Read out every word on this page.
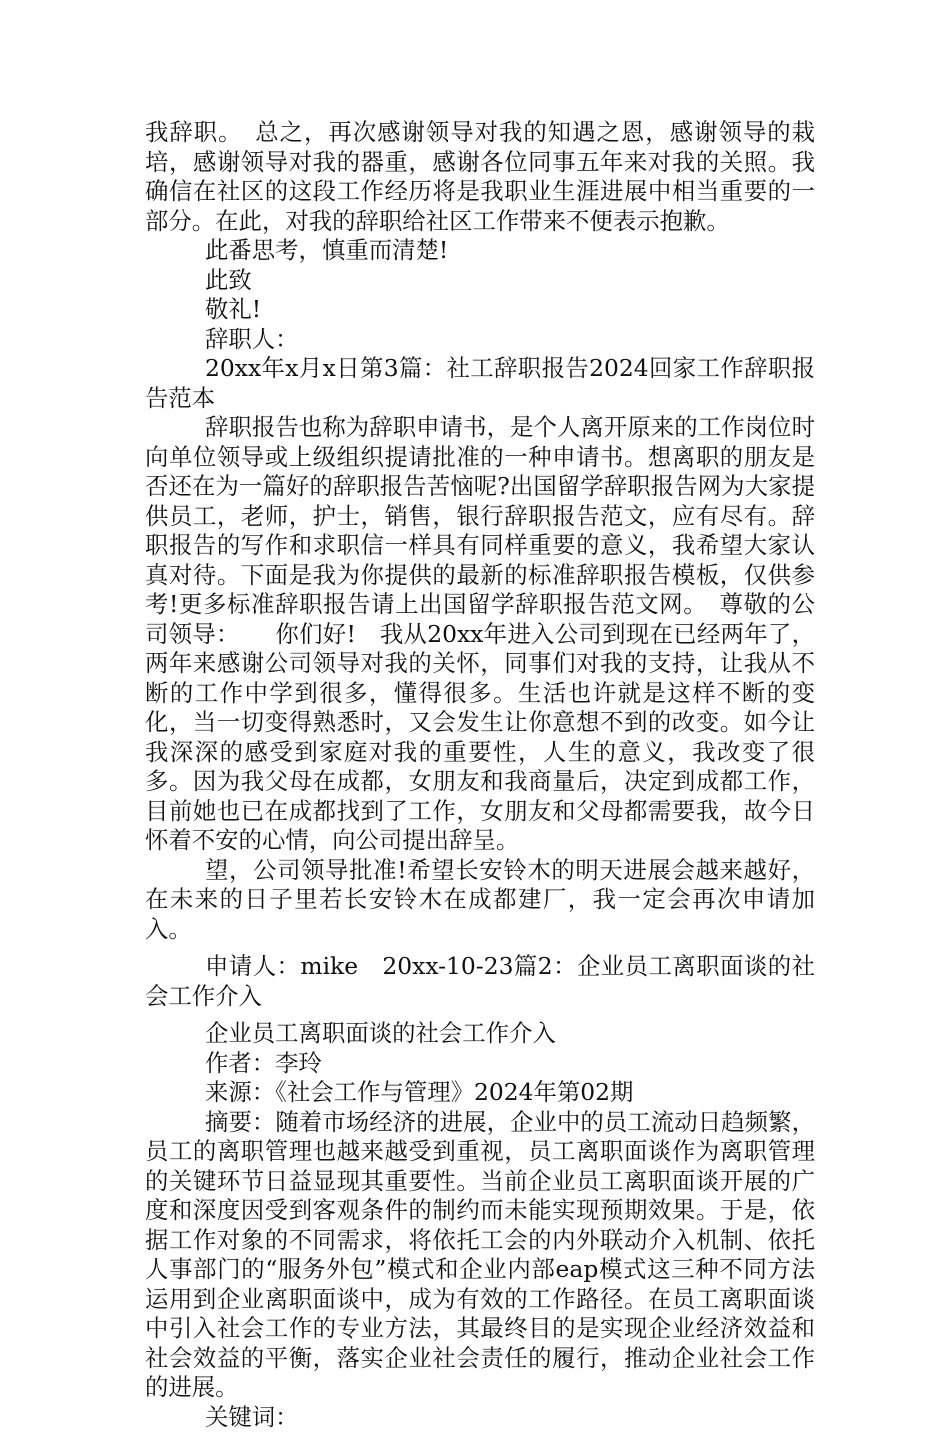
我辞职。　总之，再次感谢领导对我的知遇之恩，感谢领导的栽培，感谢领导对我的器重，感谢各位同事五年来对我的关照。我确信在社区的这段工作经历将是我职业生涯进展中相当重要的一部分。在此，对我的辞职给社区工作带来不便表示抱歉。

此番思考，慎重而清楚!

此致

敬礼!

辞职人：

20xx年x月x日第3篇：社工辞职报告2024回家工作辞职报告范本

辞职报告也称为辞职申请书，是个人离开原来的工作岗位时向单位领导或上级组织提请批准的一种申请书。想离职的朋友是否还在为一篇好的辞职报告苦恼呢?出国留学辞职报告网为大家提供员工，老师，护士，销售，银行辞职报告范文，应有尽有。辞职报告的写作和求职信一样具有同样重要的意义，我希望大家认真对待。下面是我为你提供的最新的标准辞职报告模板，仅供参考!更多标准辞职报告请上出国留学辞职报告范文网。　尊敬的公司领导：　　你们好!　我从20xx年进入公司到现在已经两年了，两年来感谢公司领导对我的关怀，同事们对我的支持，让我从不断的工作中学到很多，懂得很多。生活也许就是这样不断的变化，当一切变得熟悉时，又会发生让你意想不到的改变。如今让我深深的感受到家庭对我的重要性，人生的意义，我改变了很多。因为我父母在成都，女朋友和我商量后，决定到成都工作，目前她也已在成都找到了工作，女朋友和父母都需要我，故今日怀着不安的心情，向公司提出辞呈。

望，公司领导批准!希望长安铃木的明天进展会越来越好，在未来的日子里若长安铃木在成都建厂，我一定会再次申请加入。

申请人：mike　20xx-10-23篇2：企业员工离职面谈的社会工作介入

企业员工离职面谈的社会工作介入

作者：李玲

来源：《社会工作与管理》2024年第02期

摘要：随着市场经济的进展，企业中的员工流动日趋频繁，员工的离职管理也越来越受到重视，员工离职面谈作为离职管理的关键环节日益显现其重要性。当前企业员工离职面谈开展的广度和深度因受到客观条件的制约而未能实现预期效果。于是，依据工作对象的不同需求，将依托工会的内外联动介入机制、依托人事部门的“服务外包”模式和企业内部eap模式这三种不同方法运用到企业离职面谈中，成为有效的工作路径。在员工离职面谈中引入社会工作的专业方法，其最终目的是实现企业经济效益和社会效益的平衡，落实企业社会责任的履行，推动企业社会工作的进展。

关键词：
